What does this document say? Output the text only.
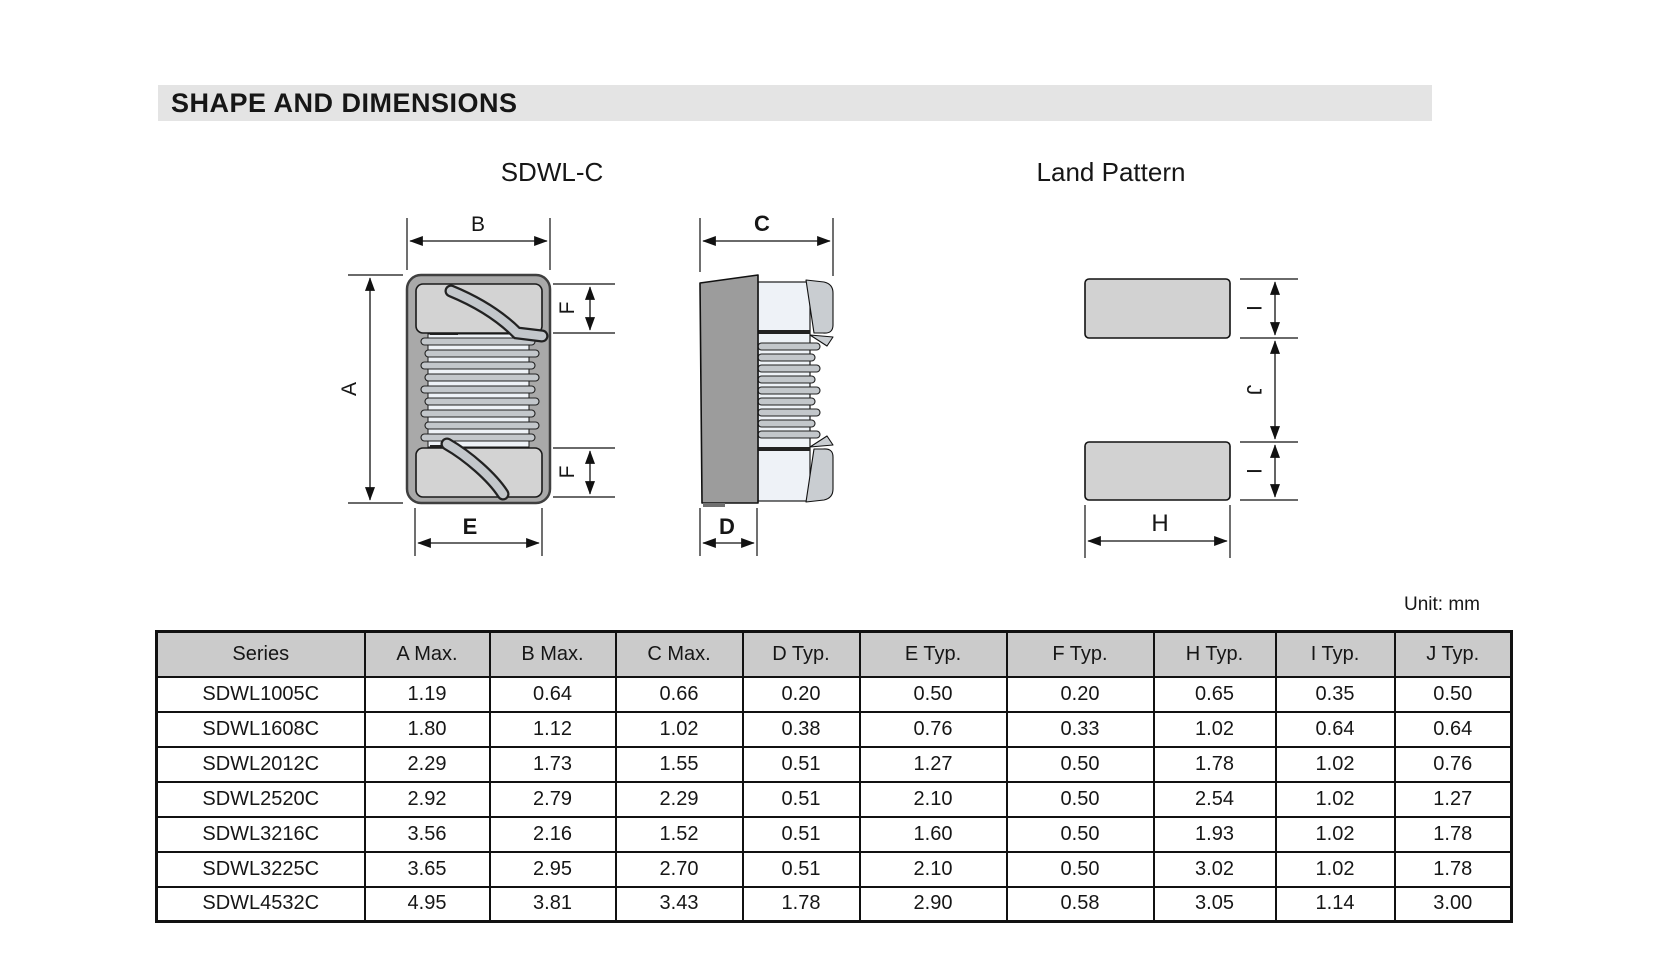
SHAPE AND DIMENSIONS
SDWL-C	Land Pattern
B
A
F
F
E
C
D
I
J
I
H
Unit: mm
Series	A Max.	B Max.	C Max.	D Typ.	E Typ.	F Typ.	H Typ.	I Typ.	J Typ.
SDWL1005C	1.19	0.64	0.66	0.20	0.50	0.20	0.65	0.35	0.50
SDWL1608C	1.80	1.12	1.02	0.38	0.76	0.33	1.02	0.64	0.64
SDWL2012C	2.29	1.73	1.55	0.51	1.27	0.50	1.78	1.02	0.76
SDWL2520C	2.92	2.79	2.29	0.51	2.10	0.50	2.54	1.02	1.27
SDWL3216C	3.56	2.16	1.52	0.51	1.60	0.50	1.93	1.02	1.78
SDWL3225C	3.65	2.95	2.70	0.51	2.10	0.50	3.02	1.02	1.78
SDWL4532C	4.95	3.81	3.43	1.78	2.90	0.58	3.05	1.14	3.00
